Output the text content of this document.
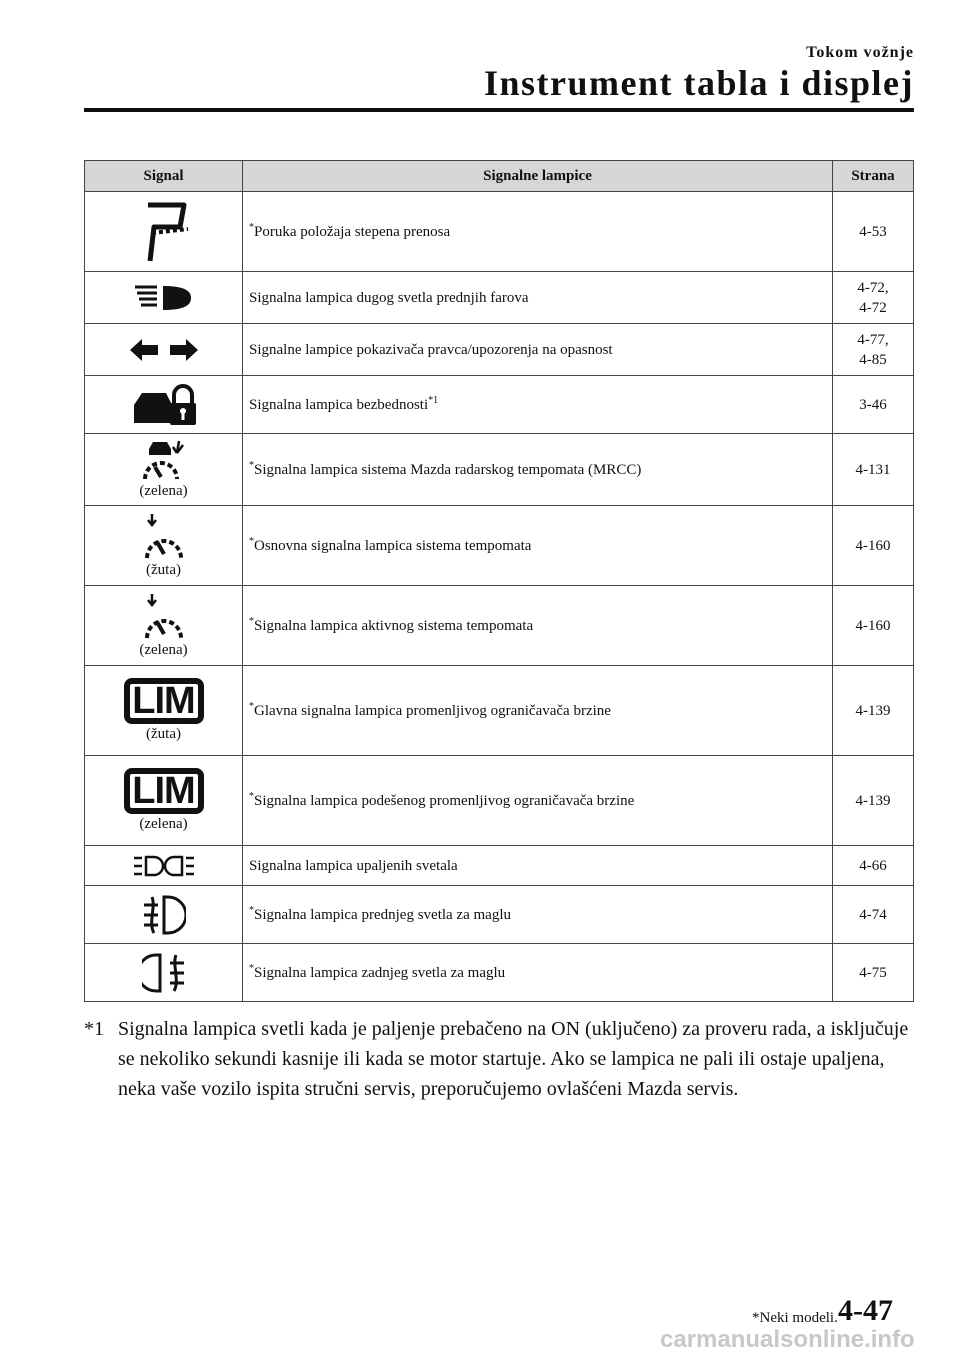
Tokom vožnje
Instrument tabla i displej
Signal	Signalne lampice	Strana

	*Poruka položaja stepena prenosa	4-53

	Signalna lampica dugog svetla prednjih farova	4-72,
4-72

	Signalne lampice pokazivača pravca/upozorenja na opasnost	4-77,
4-85

	Signalna lampica bezbednosti$^{*1}$	3-46

(zelena)	*Signalna lampica sistema Mazda radarskog tempomata (MRCC)	4-131

(žuta)	*Osnovna signalna lampica sistema tempomata	4-160

(zelena)	*Signalna lampica aktivnog sistema tempomata	4-160

LIM
(žuta)	*Glavna signalna lampica promenljivog ograničavača brzine	4-139

LIM
(zelena)	*Signalna lampica podešenog promenljivog ograničavača brzine	4-139

	Signalna lampica upaljenih svetala	4-66

	*Signalna lampica prednjeg svetla za maglu	4-74

	*Signalna lampica zadnjeg svetla za maglu	4-75
*1 Signalna lampica svetli kada je paljenje prebačeno na ON (uključeno) za proveru rada, a isključuje se nekoliko sekundi kasnije ili kada se motor startuje. Ako se lampica ne pali ili ostaje upaljena, neka vaše vozilo ispita stručni servis, preporučujemo ovlašćeni Mazda servis.
carmanualsonline.info
*Neki modeli. 4-47
